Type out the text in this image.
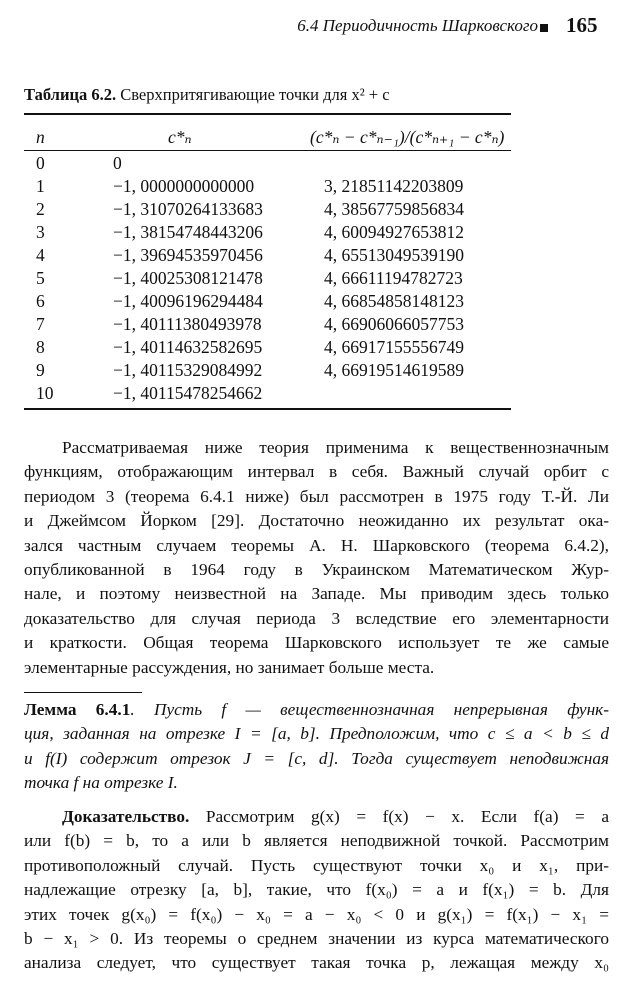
6.4 Периодичность Шарковского 165
Таблица 6.2. Сверхпритягивающие точки для x² + c
n	c*ₙ	(c*ₙ − c*ₙ₋₁)/(c*ₙ₊₁ − c*ₙ)
0	0
1	−1, 0000000000000	3, 21851142203809
2	−1, 31070264133683	4, 38567759856834
3	−1, 38154748443206	4, 60094927653812
4	−1, 39694535970456	4, 65513049539190
5	−1, 40025308121478	4, 66611194782723
6	−1, 40096196294484	4, 66854858148123
7	−1, 40111380493978	4, 66906066057753
8	−1, 40114632582695	4, 66917155556749
9	−1, 40115329084992	4, 66919514619589
10	−1, 40115478254662
Рассматриваемая ниже теория применима к вещественнозначным
функциям, отображающим интервал в себя. Важный случай орбит с
периодом 3 (теорема 6.4.1 ниже) был рассмотрен в 1975 году Т.-Й. Ли
и Джеймсом Йорком [29]. Достаточно неожиданно их результат ока-
зался частным случаем теоремы А. Н. Шарковского (теорема 6.4.2),
опубликованной в 1964 году в Украинском Математическом Жур-
нале, и поэтому неизвестной на Западе. Мы приводим здесь только
доказательство для случая периода 3 вследствие его элементарности
и краткости. Общая теорема Шарковского использует те же самые
элементарные рассуждения, но занимает больше места.
Лемма 6.4.1. Пусть f — вещественнозначная непрерывная функ-
ция, заданная на отрезке I = [a, b]. Предположим, что c ≤ a < b ≤ d
и f(I) содержит отрезок J = [c, d]. Тогда существует неподвижная
точка f на отрезке I.
Доказательство. Рассмотрим g(x) = f(x) − x. Если f(a) = a
или f(b) = b, то a или b является неподвижной точкой. Рассмотрим
противоположный случай. Пусть существуют точки x₀ и x₁, при-
надлежащие отрезку [a, b], такие, что f(x₀) = a и f(x₁) = b. Для
этих точек g(x₀) = f(x₀) − x₀ = a − x₀ < 0 и g(x₁) = f(x₁) − x₁ =
b − x₁ > 0. Из теоремы о среднем значении из курса математического
анализа следует, что существует такая точка p, лежащая между x₀
